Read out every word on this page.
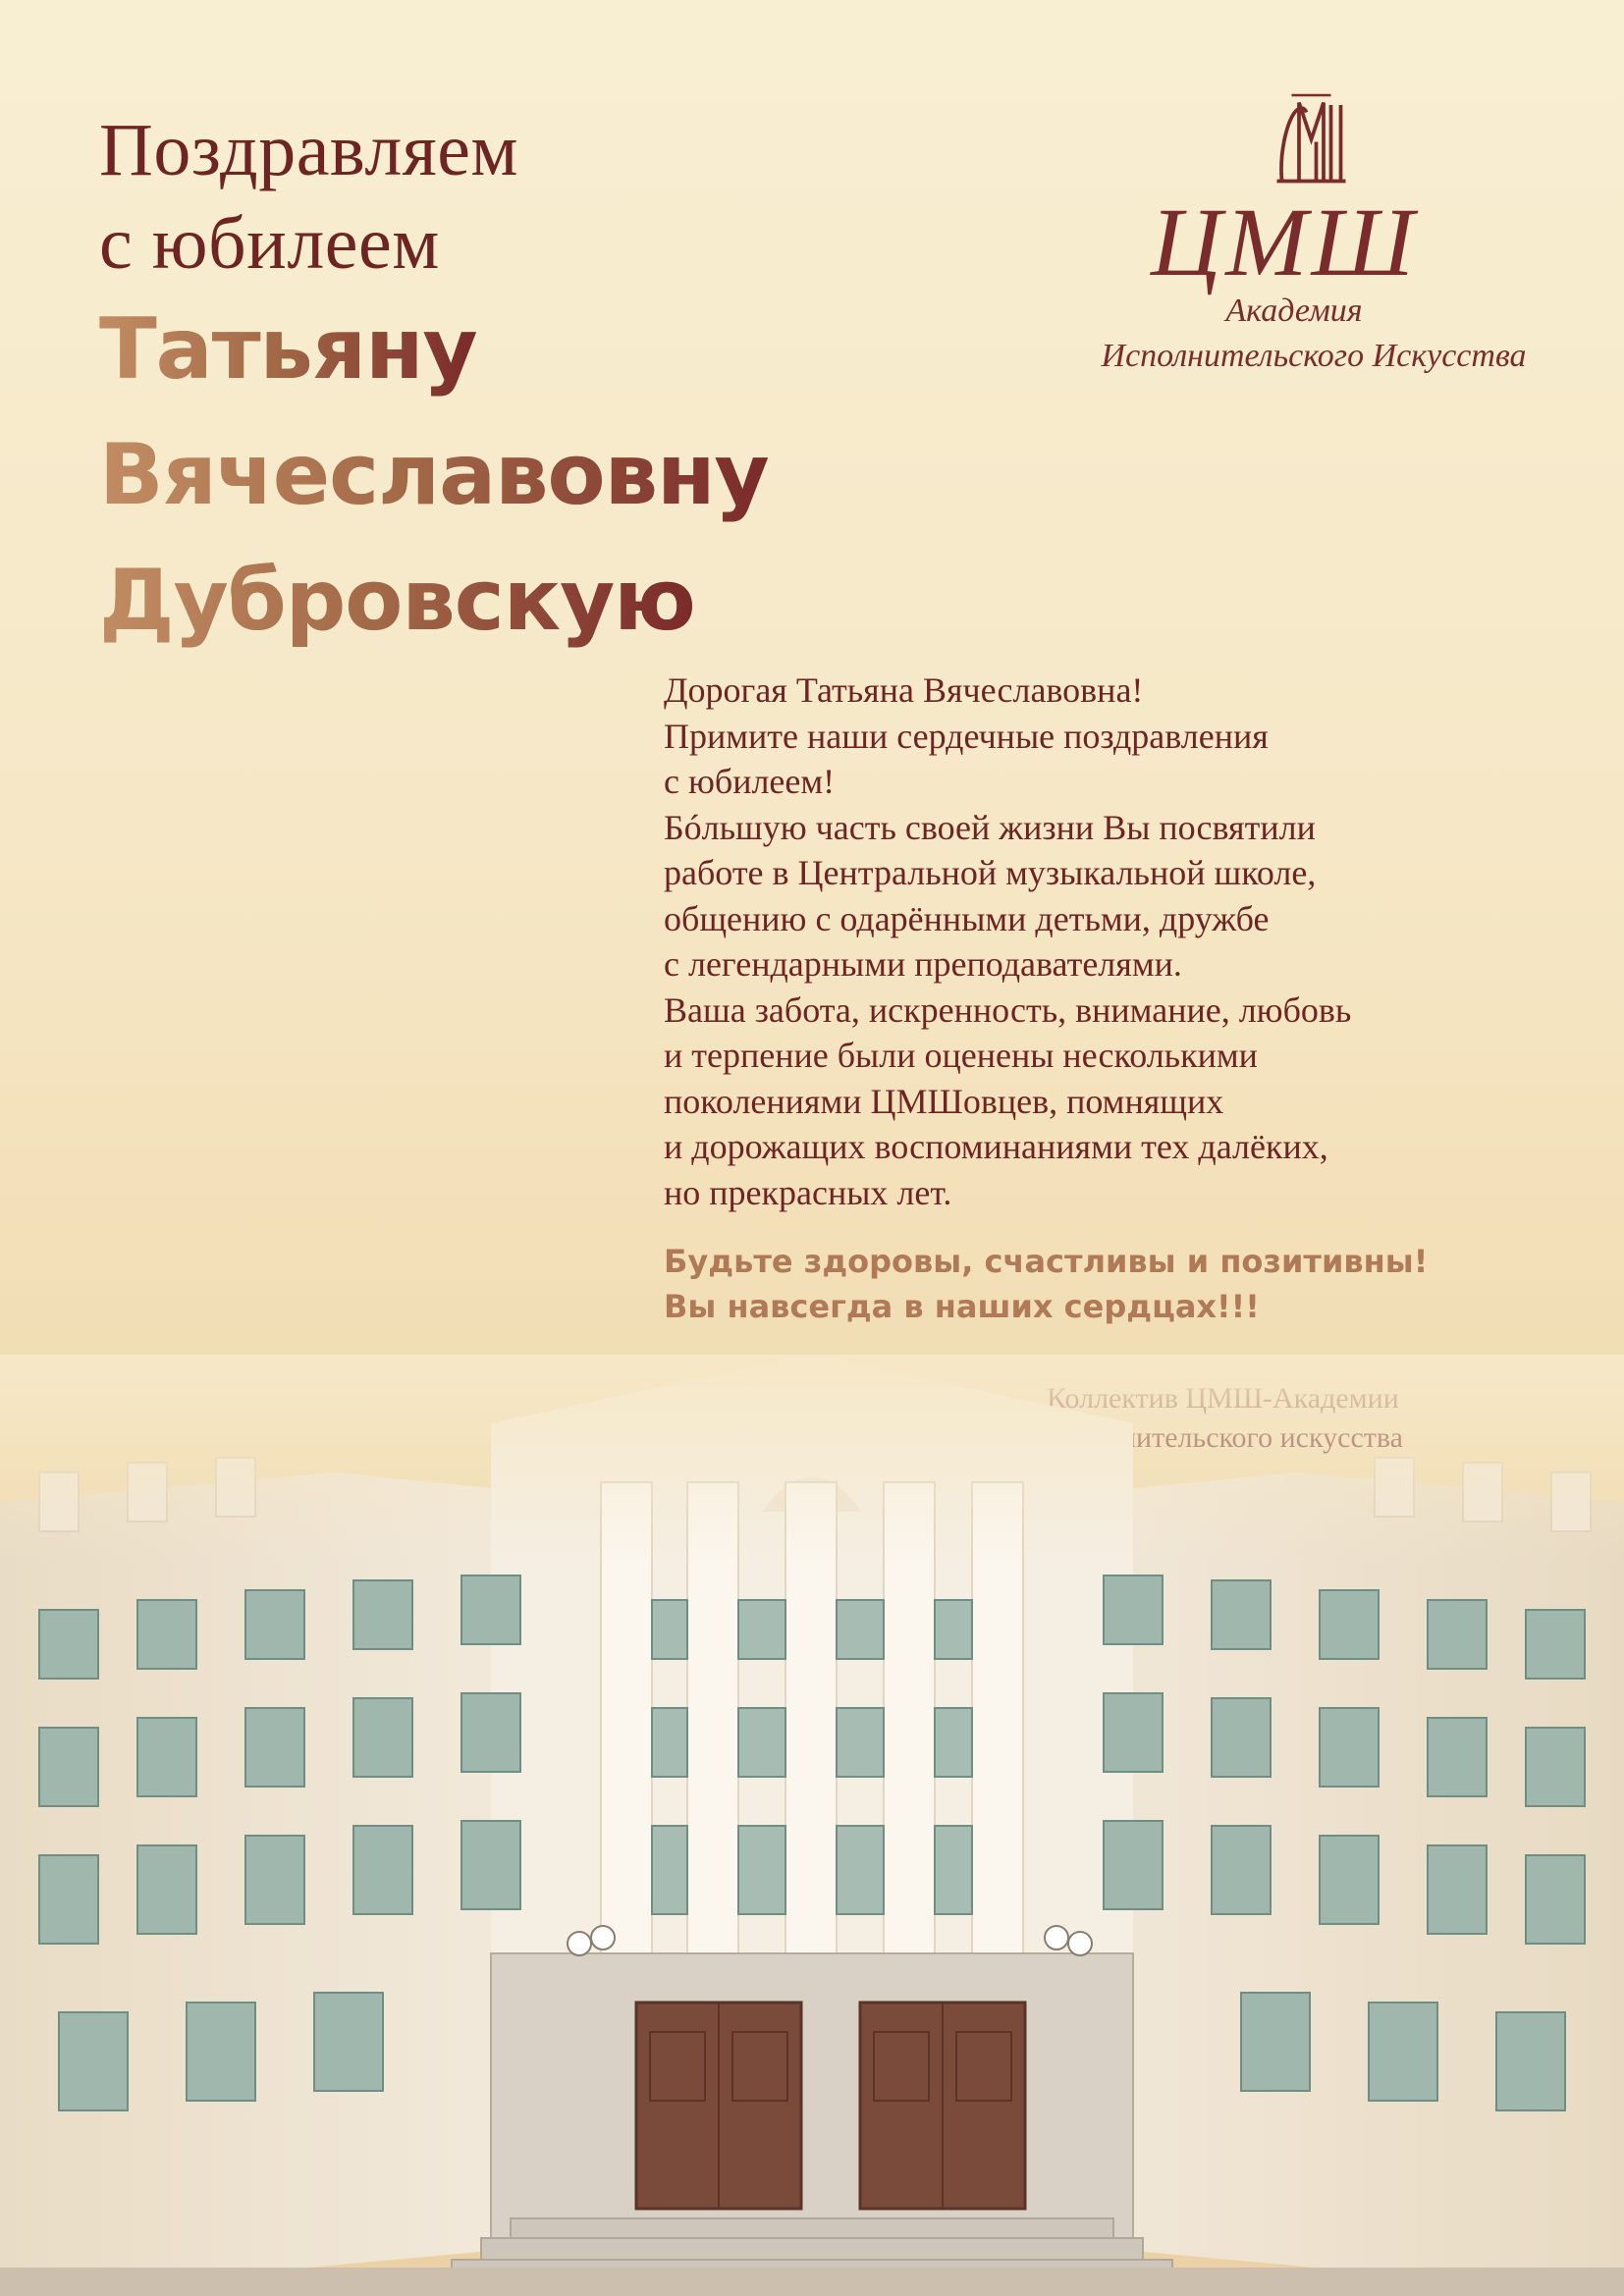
Поздравляем
с юбилеем
Татьяну
Вячеславовну
Дубровскую
ЦМШ
Академия
Исполнительского Искусства
Дорогая Татьяна Вячеславовна!
Примите наши сердечные поздравления
с юбилеем!
Бóльшую часть своей жизни Вы посвятили
работе в Центральной музыкальной школе,
общению с одарёнными детьми, дружбе
с легендарными преподавателями.
Ваша забота, искренность, внимание, любовь
и терпение были оценены несколькими
поколениями ЦМШовцев, помнящих
и дорожащих воспоминаниями тех далёких,
но прекрасных лет.
Будьте здоровы, счастливы и позитивны!
Вы навсегда в наших сердцах!!!
